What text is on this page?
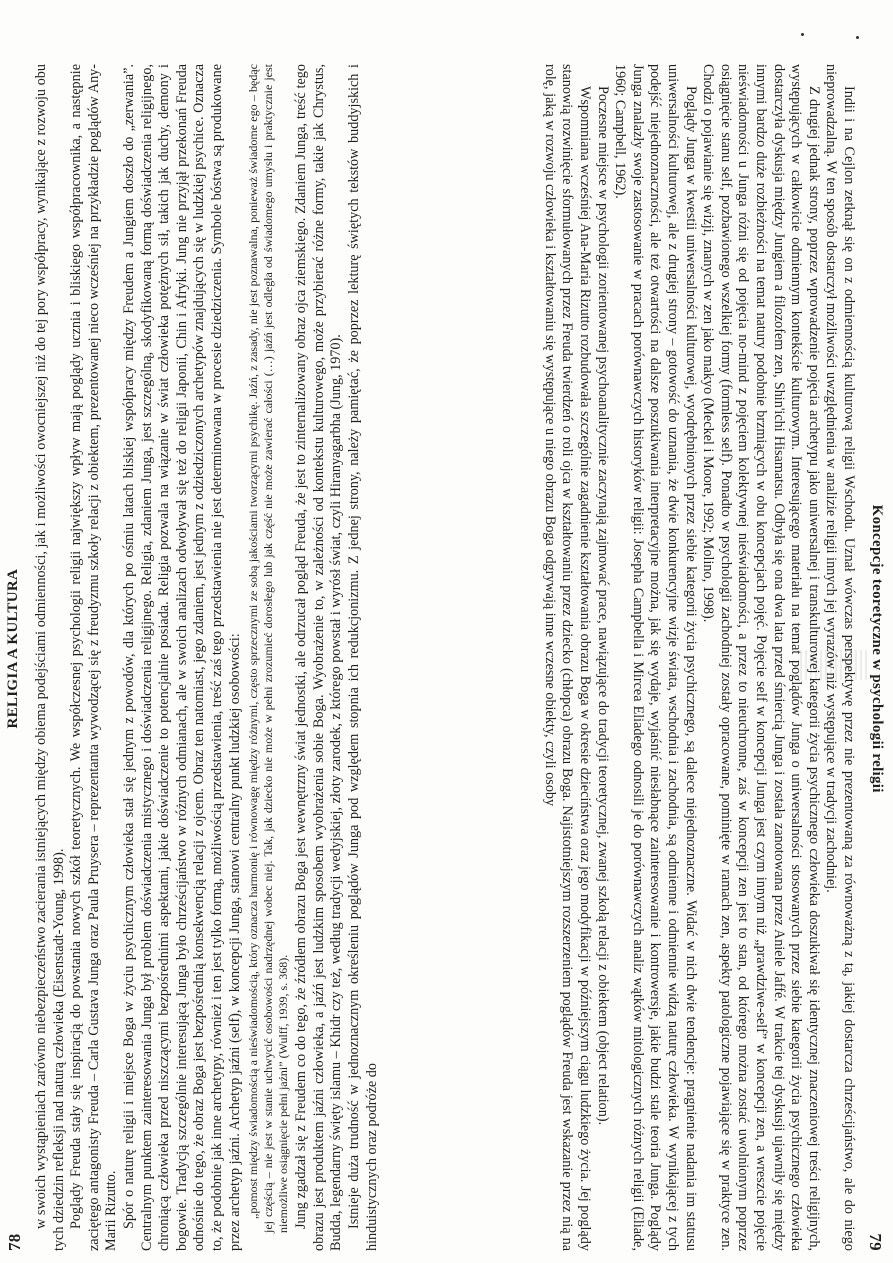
78
RELIGIA A KULTURA w swoich wystąpieniach zarówno niebezpieczeństwo zacierania istniejących między obiema podejściami odmienności, jak i możliwości owocniejszej niż do tej pory współpracy, wynikające z rozwoju obu tych dziedzin refleksji nad naturą człowieka (Eisenstadt-Young, 1998). Poglądy Freuda stały się inspiracją do powstania nowych szkół teoretycznych. We współczesnej psychologii religii największy wpływ mają poglądy ucznia i bliskiego współpracownika, a następnie zaciętego antagonisty Freuda – Carla Gustava Junga oraz Paula Pruysera – reprezentanta wywodzącej się z freudyzmu szkoły relacji z obiektem, prezentowanej nieco wcześniej na przykładzie poglądów Any-Marii Rizutto. Spór o naturę religii i miejsce Boga w życiu psychicznym człowieka stał się jednym z powodów, dla których po ośmiu latach bliskiej współpracy między Freudem a Jungiem doszło do „zerwania”. Centralnym punktem zainteresowania Junga był problem doświadczenia mistycznego i doświadczenia religijnego. Religia, zdaniem Junga, jest szczególną, skodyfikowaną formą doświadczenia religijnego, chroniącą człowieka przed niszczącymi bezpośrednimi aspektami, jakie doświadczenie to potencjalnie posiada. Religia pozwala na wiązanie w świat człowieka potężnych sił, takich jak duchy, demony i bogowie. Tradycją szczególnie interesującą Junga było chrześcijaństwo w różnych odmianach, ale w swoich analizach odwoływał się też do religii Japonii, Chin i Afryki. Jung nie przyjął przekonań Freuda odnośnie do tego, że obraz Boga jest bezpośrednią konsekwencją relacji z ojcem. Obraz ten natomiast, jego zdaniem, jest jednym z odziedziczonych archetypów znajdujących się w ludzkiej psychice. Oznacza to, że podobnie jak inne archetypy, również i ten jest tylko formą, możliwością przedstawienia, treść zaś tego przedstawienia nie jest determinowana w procesie dziedziczenia. Symbole bóstwa są produkowane przez archetyp jaźni. Archetyp jaźni (self), w koncepcji Junga, stanowi centralny punkt ludzkiej osobowości: „pomost między świadomością a nieświadomością, który oznacza harmonię i równowagę między różnymi, często sprzecznymi ze sobą jakościami tworzącymi psychikę. Jaźń, z zasady, nie jest poznawalna, ponieważ świadome ego – będąc jej częścią – nie jest w stanie uchwycić osobowości nadrzędnej wobec niej. Tak, jak dziecko nie może w pełni zrozumieć dorosłego lub jak część nie może zawierać całości (…) jaźń jest odległa od świadomego umysłu i praktycznie jest niemożliwe osiągnięcie pełni jaźni” (Wulff, 1939, s. 368). Jung zgadzał się z Freudem co do tego, że źródłem obrazu Boga jest wewnętrzny świat jednostki, ale odrzucał pogląd Freuda, że jest to zinternalizowany obraz ojca ziemskiego. Zdaniem Junga, treść tego obrazu jest produktem jaźni człowieka, a jaźń jest ludzkim sposobem wyobrażenia sobie Boga. Wyobrażenie to, w zależności od kontekstu kulturowego, może przybierać różne formy, takie jak Chrystus, Budda, legendarny święty islamu – Khidr czy też, według tradycji wedyjskiej, złoty zarodek, z którego powstał i wyrósł świat, czyli Hiranyagarbha (Jung, 1970). Istnieje duża trudność w jednoznacznym określeniu poglądów Junga pod względem stopnia ich redukcjonizmu. Z jednej strony, należy pamiętać, że poprzez lekturę świętych tekstów buddyjskich i hinduistycznych oraz podróże do

Koncepcje teoretyczne w psychologii religii
79

Indii i na Cejlon zetknął się on z odmiennością kulturową religii Wschodu. Uznał wówczas perspektywę przez nie prezentowaną za równoważną z tą, jakiej dostarcza chrześcijaństwo, ale do niego nieprowadzalną. W ten sposób dostarczył możliwości uwzględnienia w analizie religii innych jej wyrazów niż występujące w tradycji zachodniej.

Z drugiej jednak strony, poprzez wprowadzenie pojęcia archetypu jako uniwersalnej i transkulturowej kategorii życia psychicznego człowieka doszukiwał się identycznej znaczeniowej treści religijnych, występujących w całkowicie odmiennym kontekście kulturowym. Interesującego materiału na temat poglądów Junga o uniwersalności stosowanych przez siebie kategorii życia psychicznego człowieka dostarczyła dyskusja między Jungiem a filozofem zen, Shin'ichi Hisamatsu. Odbyła się ona dwa lata przed śmiercią Junga i została zanotowana przez Aniele Jaffé. W trakcie tej dyskusji ujawniły się między innymi bardzo duże rozbieżności na temat natury podobnie brzmiących w obu koncepcjach pojęć. Pojęcie self w koncepcji Junga jest czym innym niż „prawdziwe-self” w koncepcji zen, a wreszcie pojęcie nieświadomości u Junga różni się od pojęcia no-mind z pojęciem kolektywnej nieświadomości, a przez to nieuchronne, zaś w koncepcji zen jest to stan, od którego można zostać uwolnionym poprzez osiągnięcie stanu self, pozbawionego wszelkiej formy (formless self). Ponadto w psychologii zachodniej zostały opracowane, pominięte w ramach zen, aspekty patologiczne pojawiające się w praktyce zen. Chodzi o pojawianie się wizji, znanych w zen jako makyo (Meckel i Moore, 1992; Molino, 1998).

Poglądy Junga w kwestii uniwersalności kulturowej, wyodrębnionych przez siebie kategorii życia psychicznego, są dalece niejednoznaczne. Widać w nich dwie tendencje: pragnienie nadania im statusu uniwersalności kulturowej, ale z drugiej strony – gotowość do uznania, że dwie konkurencyjne wizje świata, wschodnia i zachodnia, są odmienne i odmiennie widzą naturę człowieka. W wynikającej z tych podejść niejednoznaczności, ale też otwartości na dalsze poszukiwania interpretacyjne można, jak się wydaje, wyjaśnić niesłabnące zainteresowanie i kontrowersje, jakie budzi stale teoria Junga. Poglądy Junga znalazły swoje zastosowanie w pracach porównawczych historyków religii: Josepha Campbella i Mircea Eliadego odnosili je do porównawczych analiz wątków mitologicznych różnych religii (Eliade, 1960; Campbell, 1962).

Poczesne miejsce w psychologii zorientowanej psychoanalitycznie zaczynają zajmować prace, nawiązujące do tradycji teoretycznej, zwanej szkołą relacji z obiektem (object relation).

Wspomniana wcześniej Ana-Maria Rizutto rozbudowała szczególnie zagadnienie kształtowania obrazu Boga w okresie dzieciństwa oraz jego modyfikacji w późniejszym ciągu ludzkiego życia. Jej poglądy stanowią rozwinięcie sformułowanych przez Freuda twierdzeń o roli ojca w kształtowaniu przez dziecko (chłopca) obrazu Boga. Najistotniejszym rozszerzeniem poglądów Freuda jest wskazanie przez nią na rolę, jaką w rozwoju człowieka i kształtowaniu się występujące u niego obrazu Boga odgrywają inne wczesne obiekty, czyli osoby
